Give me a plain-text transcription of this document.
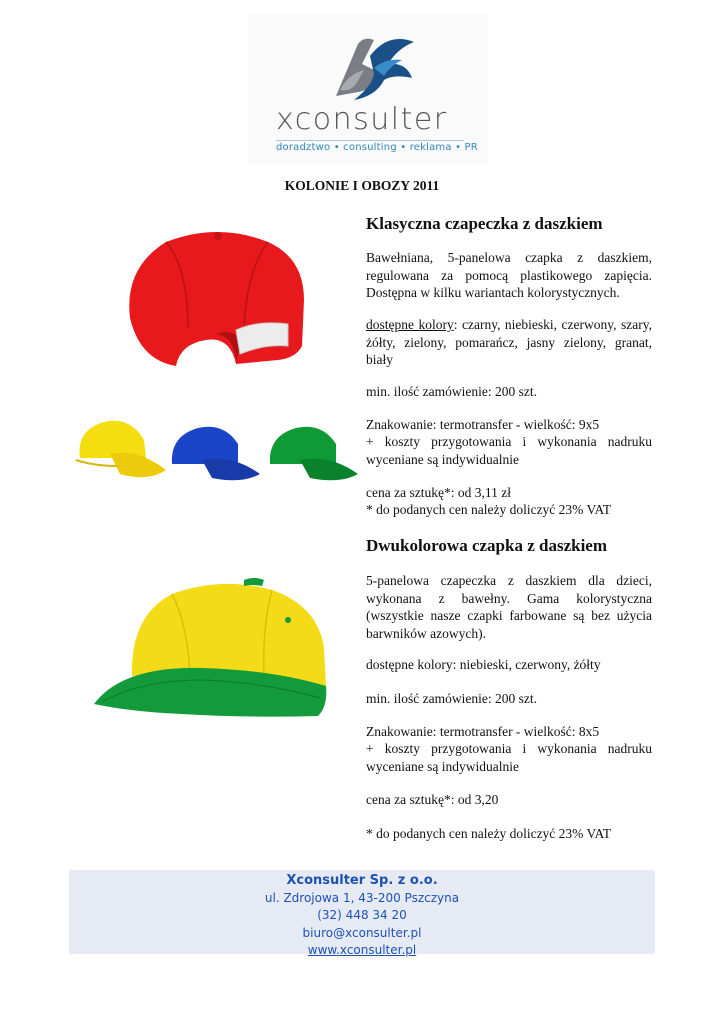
xconsulter
doradztwo • consulting • reklama • PR
KOLONIE I OBOZY 2011
Klasyczna czapeczka z daszkiem
Bawełniana, 5-panelowa czapka z daszkiem, regulowana za pomocą plastikowego zapięcia. Dostępna w kilku wariantach kolorystycznych.
dostępne kolory: czarny, niebieski, czerwony, szary, żółty, zielony, pomarańcz, jasny zielony, granat, biały
min. ilość zamówienie: 200 szt.
Znakowanie: termotransfer - wielkość: 9x5
+ koszty przygotowania i wykonania nadruku wyceniane są indywidualnie
cena za sztukę*: od 3,11 zł
* do podanych cen należy doliczyć 23% VAT
Dwukolorowa czapka z daszkiem
5-panelowa czapeczka z daszkiem dla dzieci, wykonana z bawełny. Gama kolorystyczna (wszystkie nasze czapki farbowane są bez użycia barwników azowych).
dostępne kolory: niebieski, czerwony, żółty
min. ilość zamówienie: 200 szt.
Znakowanie: termotransfer - wielkość: 8x5
+ koszty przygotowania i wykonania nadruku wyceniane są indywidualnie
cena za sztukę*: od 3,20
* do podanych cen należy doliczyć 23% VAT
Xconsulter Sp. z o.o.
ul. Zdrojowa 1, 43-200 Pszczyna
(32) 448 34 20
biuro@xconsulter.pl
www.xconsulter.pl
